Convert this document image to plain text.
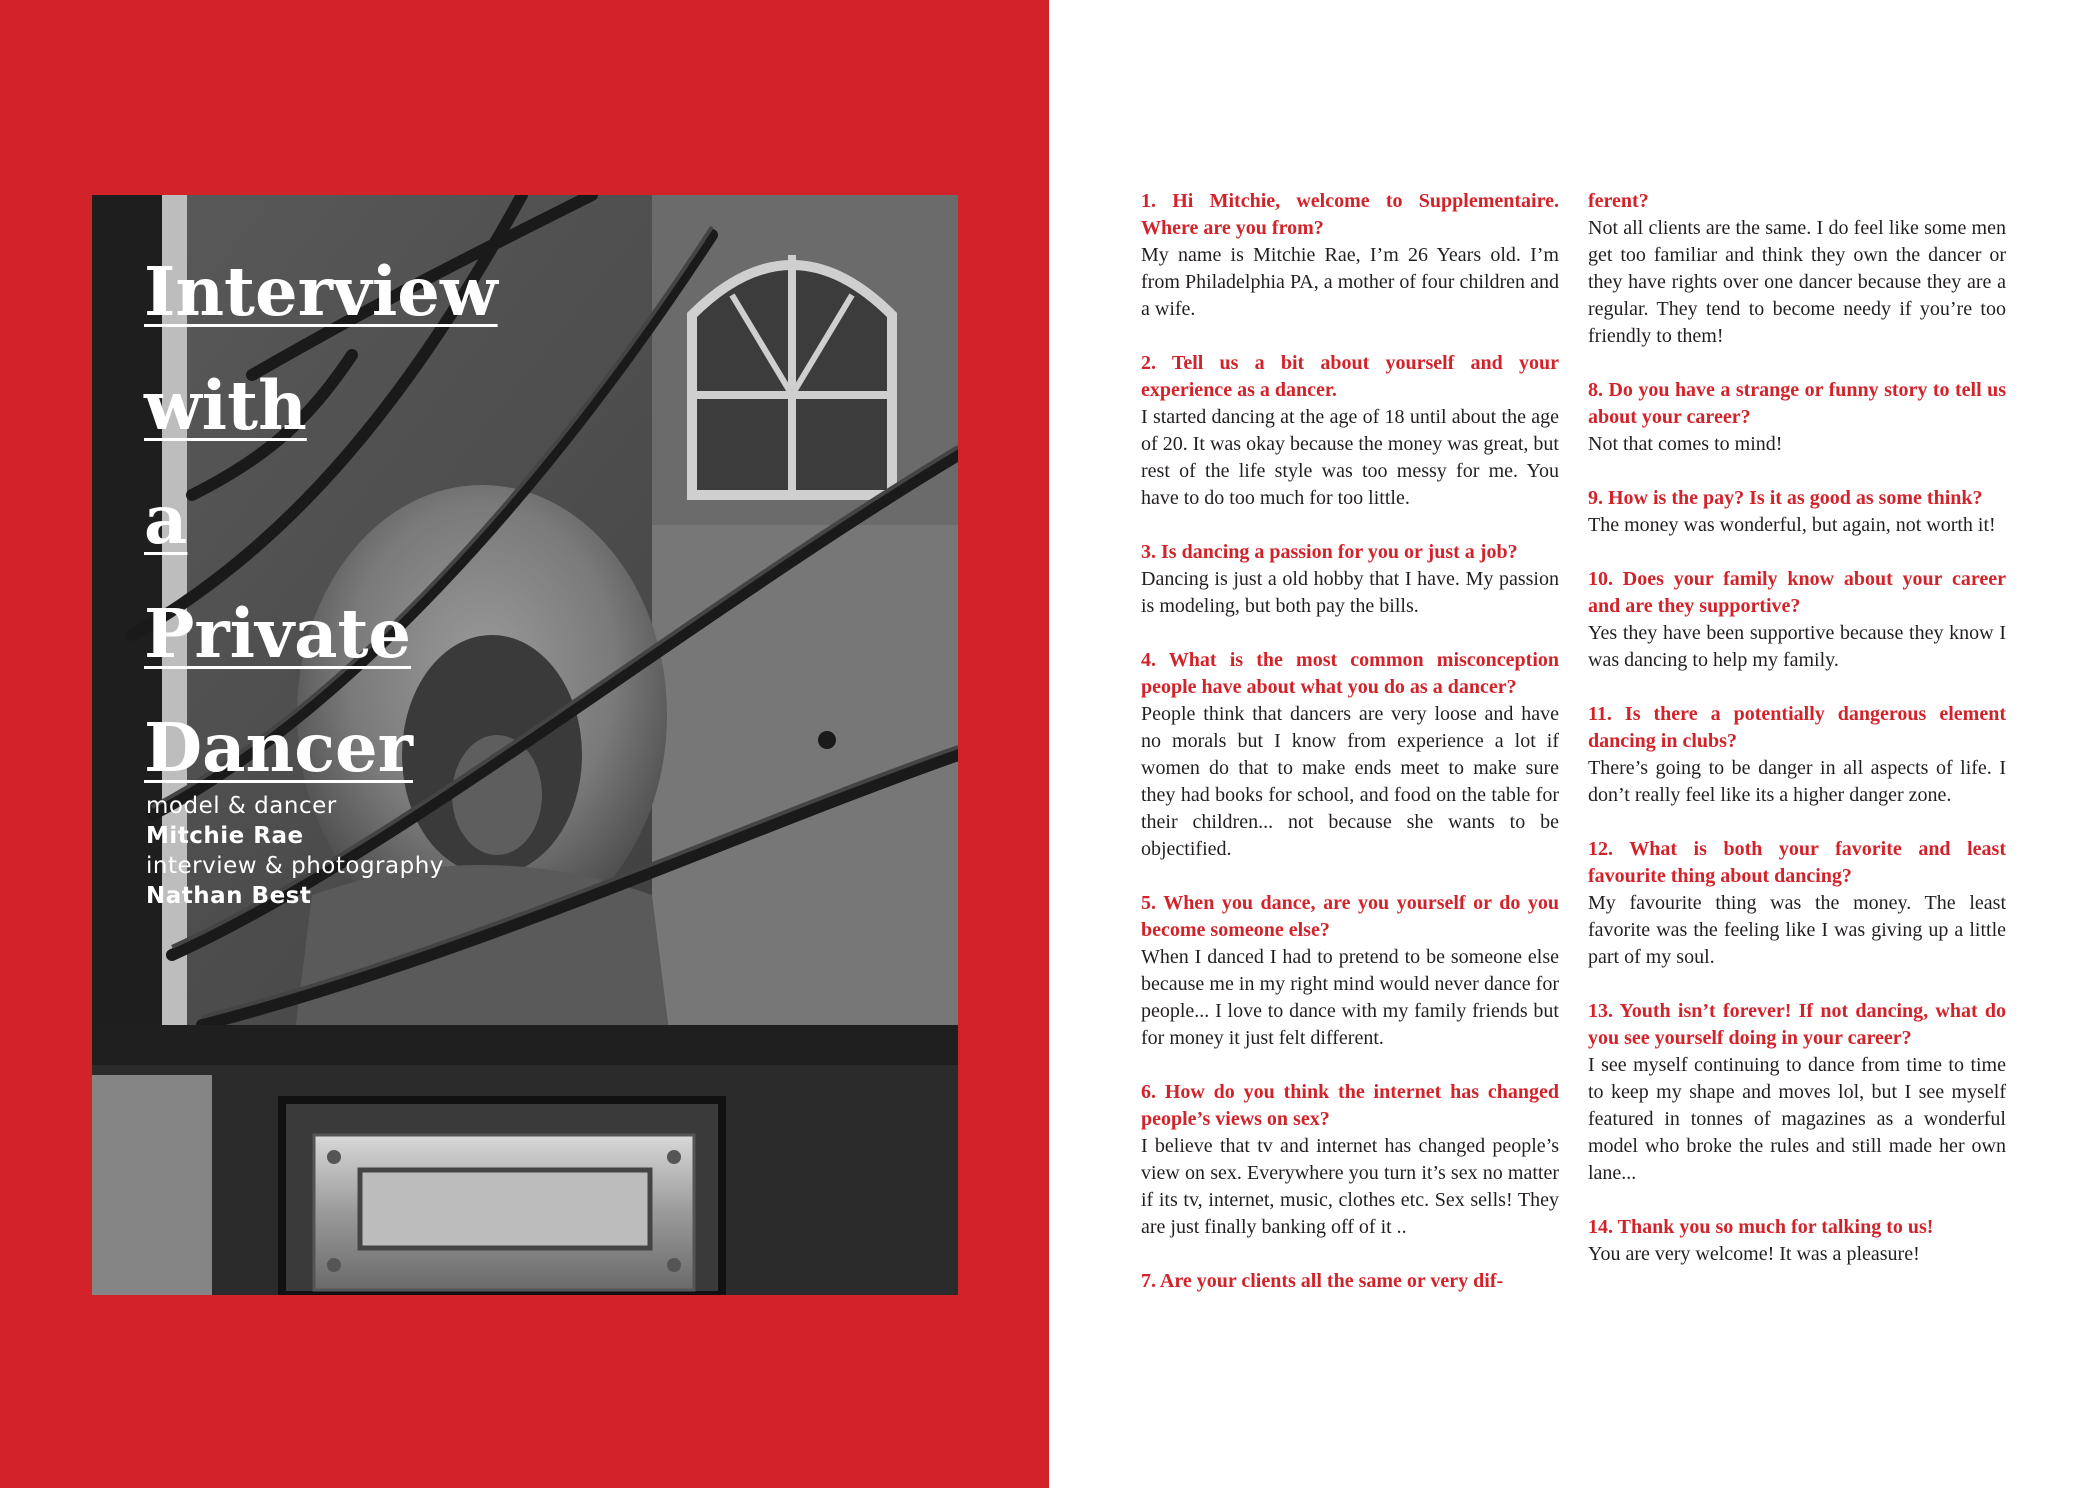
Interview
with
a
Private
Dancer
model & dancer
Mitchie Rae
interview & photography
Nathan Best
1. Hi Mitchie, welcome to Supplementaire. Where are you from?
My name is Mitchie Rae, I’m 26 Years old. I’m from Philadelphia PA, a mother of four children and a wife.
2. Tell us a bit about yourself and your experience as a dancer.
I started dancing at the age of 18 until about the age of 20. It was okay because the money was great, but rest of the life style was too messy for me. You have to do too much for too little.
3. Is dancing a passion for you or just a job?
Dancing is just a old hobby that I have. My passion is modeling, but both pay the bills.
4. What is the most common misconception people have about what you do as a dancer?
People think that dancers are very loose and have no morals but I know from experience a lot if women do that to make ends meet to make sure they had books for school, and food on the table for their children... not because she wants to be objectified.
5. When you dance, are you yourself or do you become someone else?
When I danced I had to pretend to be someone else because me in my right mind would never dance for people... I love to dance with my family friends but for money it just felt different.
6. How do you think the internet has changed people’s views on sex?
I believe that tv and internet has changed people’s view on sex. Everywhere you turn it’s sex no matter if its tv, internet, music, clothes etc. Sex sells! They are just finally banking off of it ..
7. Are your clients all the same or very dif-
ferent?
Not all clients are the same. I do feel like some men get too familiar and think they own the dancer or they have rights over one dancer because they are a regular. They tend to become needy if you’re too friendly to them!
8. Do you have a strange or funny story to tell us about your career?
Not that comes to mind!
9. How is the pay? Is it as good as some think?
The money was wonderful, but again, not worth it!
10. Does your family know about your career and are they supportive?
Yes they have been supportive because they know I was dancing to help my family.
11. Is there a potentially dangerous element dancing in clubs?
There’s going to be danger in all aspects of life. I don’t really feel like its a higher danger zone.
12. What is both your favorite and least favourite thing about dancing?
My favourite thing was the money. The least favorite was the feeling like I was giving up a little part of my soul.
13. Youth isn’t forever! If not dancing, what do you see yourself doing in your career?
I see myself continuing to dance from time to time to keep my shape and moves lol, but I see myself featured in tonnes of magazines as a wonderful model who broke the rules and still made her own lane...
14. Thank you so much for talking to us!
You are very welcome! It was a pleasure!
